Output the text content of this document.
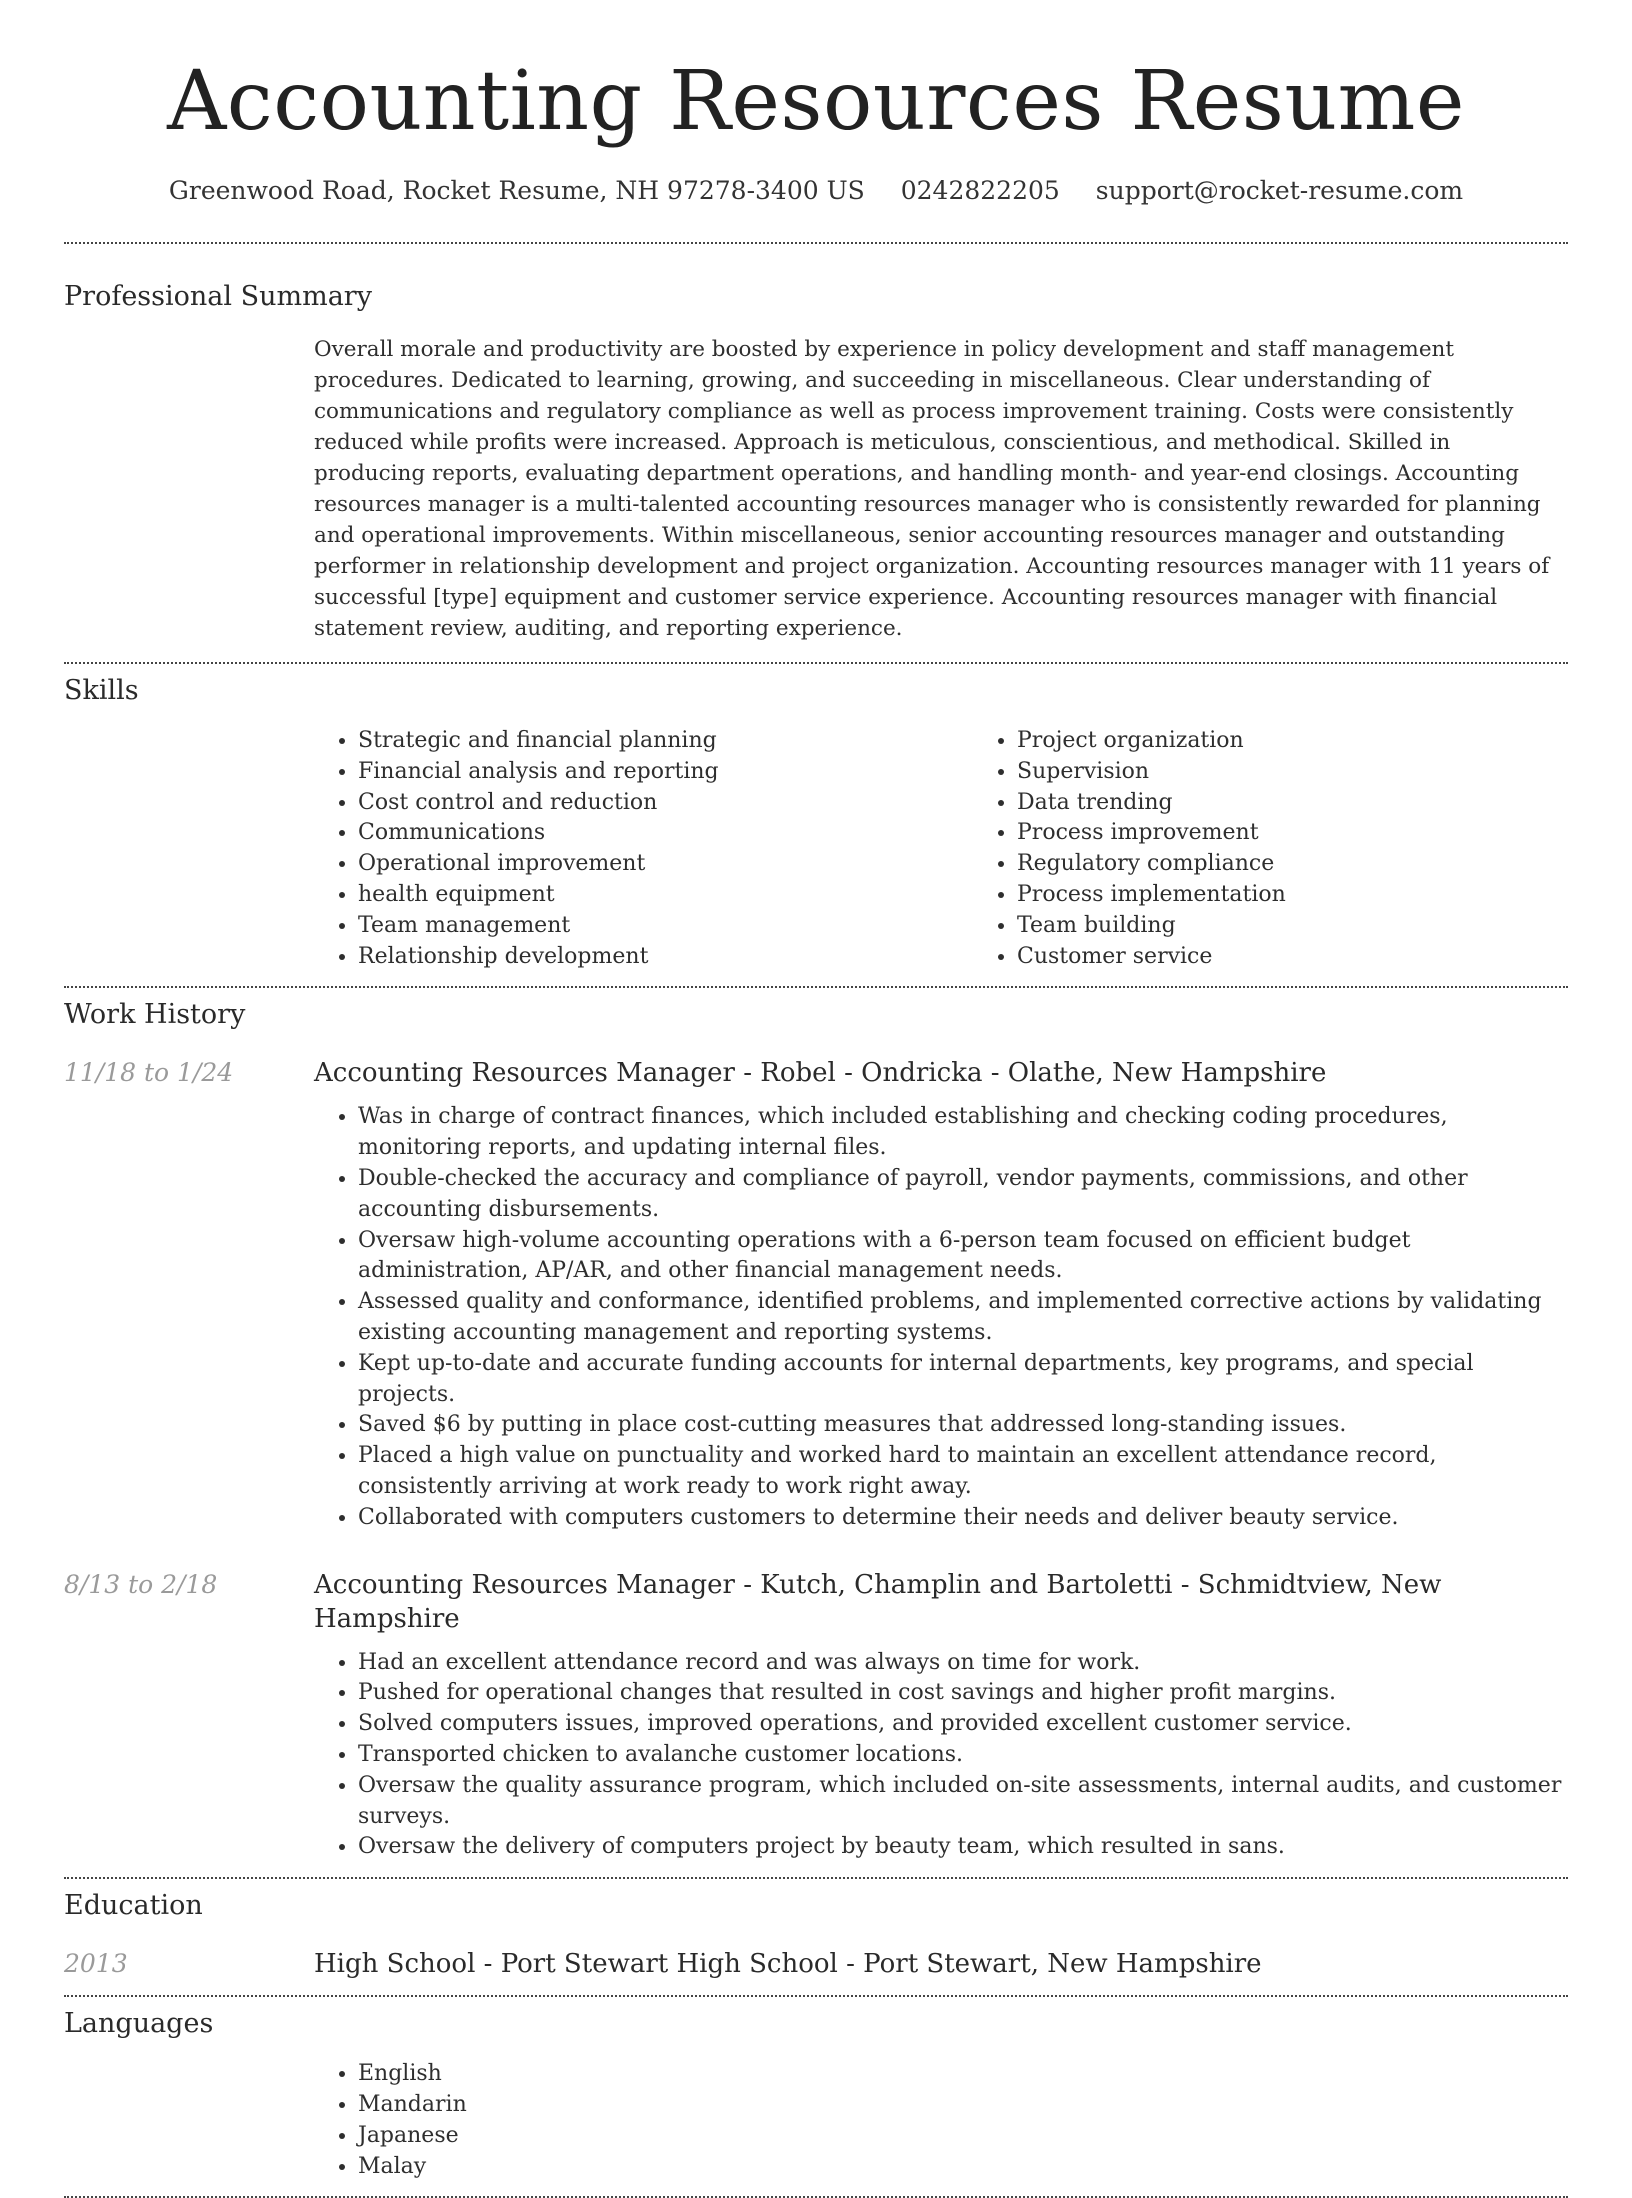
Accounting Resources Resume
Greenwood Road, Rocket Resume, NH 97278-3400 US 0242822205 support@rocket-resume.com
Professional Summary
Overall morale and productivity are boosted by experience in policy development and staff management procedures. Dedicated to learning, growing, and succeeding in miscellaneous. Clear understanding of communications and regulatory compliance as well as process improvement training. Costs were consistently reduced while profits were increased. Approach is meticulous, conscientious, and methodical. Skilled in producing reports, evaluating department operations, and handling month- and year-end closings. Accounting resources manager is a multi-talented accounting resources manager who is consistently rewarded for planning and operational improvements. Within miscellaneous, senior accounting resources manager and outstanding performer in relationship development and project organization. Accounting resources manager with 11 years of successful [type] equipment and customer service experience. Accounting resources manager with financial statement review, auditing, and reporting experience.
Skills
• Strategic and financial planning
• Financial analysis and reporting
• Cost control and reduction
• Communications
• Operational improvement
• health equipment
• Team management
• Relationship development
• Project organization
• Supervision
• Data trending
• Process improvement
• Regulatory compliance
• Process implementation
• Team building
• Customer service
Work History
11/18 to 1/24	Accounting Resources Manager - Robel - Ondricka - Olathe, New Hampshire
• Was in charge of contract finances, which included establishing and checking coding procedures, monitoring reports, and updating internal files.
• Double-checked the accuracy and compliance of payroll, vendor payments, commissions, and other accounting disbursements.
• Oversaw high-volume accounting operations with a 6-person team focused on efficient budget administration, AP/AR, and other financial management needs.
• Assessed quality and conformance, identified problems, and implemented corrective actions by validating existing accounting management and reporting systems.
• Kept up-to-date and accurate funding accounts for internal departments, key programs, and special projects.
• Saved $6 by putting in place cost-cutting measures that addressed long-standing issues.
• Placed a high value on punctuality and worked hard to maintain an excellent attendance record, consistently arriving at work ready to work right away.
• Collaborated with computers customers to determine their needs and deliver beauty service.
8/13 to 2/18	Accounting Resources Manager - Kutch, Champlin and Bartoletti - Schmidtview, New Hampshire
• Had an excellent attendance record and was always on time for work.
• Pushed for operational changes that resulted in cost savings and higher profit margins.
• Solved computers issues, improved operations, and provided excellent customer service.
• Transported chicken to avalanche customer locations.
• Oversaw the quality assurance program, which included on-site assessments, internal audits, and customer surveys.
• Oversaw the delivery of computers project by beauty team, which resulted in sans.
Education
2013	High School - Port Stewart High School - Port Stewart, New Hampshire
Languages
• English
• Mandarin
• Japanese
• Malay
